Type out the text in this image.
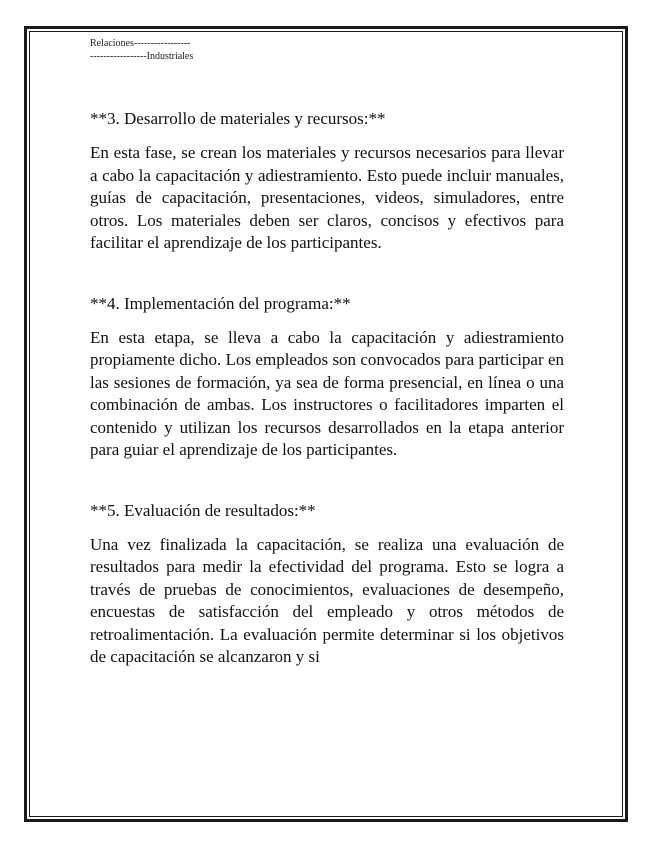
Relaciones-----------------
-----------------Industriales

**3. Desarrollo de materiales y recursos:**

En esta fase, se crean los materiales y recursos necesarios para llevar a cabo la capacitación y adiestramiento. Esto puede incluir manuales, guías de capacitación, presentaciones, videos, simuladores, entre otros. Los materiales deben ser claros, concisos y efectivos para facilitar el aprendizaje de los participantes.

**4. Implementación del programa:**

En esta etapa, se lleva a cabo la capacitación y adiestramiento propiamente dicho. Los empleados son convocados para participar en las sesiones de formación, ya sea de forma presencial, en línea o una combinación de ambas. Los instructores o facilitadores imparten el contenido y utilizan los recursos desarrollados en la etapa anterior para guiar el aprendizaje de los participantes.

**5. Evaluación de resultados:**

Una vez finalizada la capacitación, se realiza una evaluación de resultados para medir la efectividad del programa. Esto se logra a través de pruebas de conocimientos, evaluaciones de desempeño, encuestas de satisfacción del empleado y otros métodos de retroalimentación. La evaluación permite determinar si los objetivos de capacitación se alcanzaron y si
